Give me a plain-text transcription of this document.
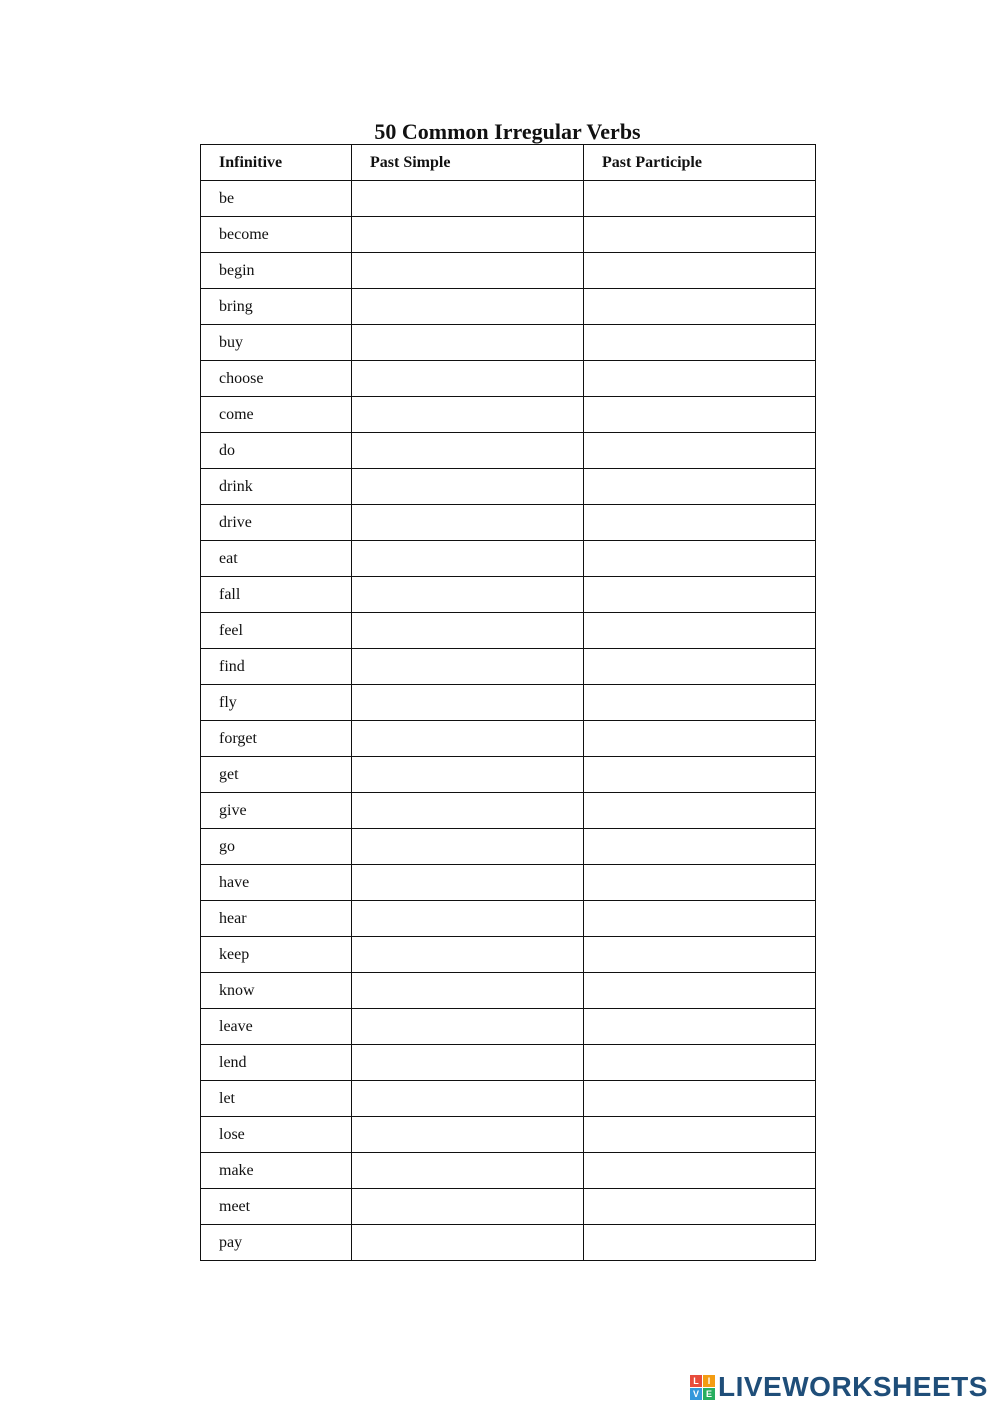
50 Common Irregular Verbs
Infinitive	Past Simple	Past Participle
be		
become		
begin		
bring		
buy		
choose		
come		
do		
drink		
drive		
eat		
fall		
feel		
find		
fly		
forget		
get		
give		
go		
have		
hear		
keep		
know		
leave		
lend		
let		
lose		
make		
meet		
pay		
L I
V E LIVEWORKSHEETS
